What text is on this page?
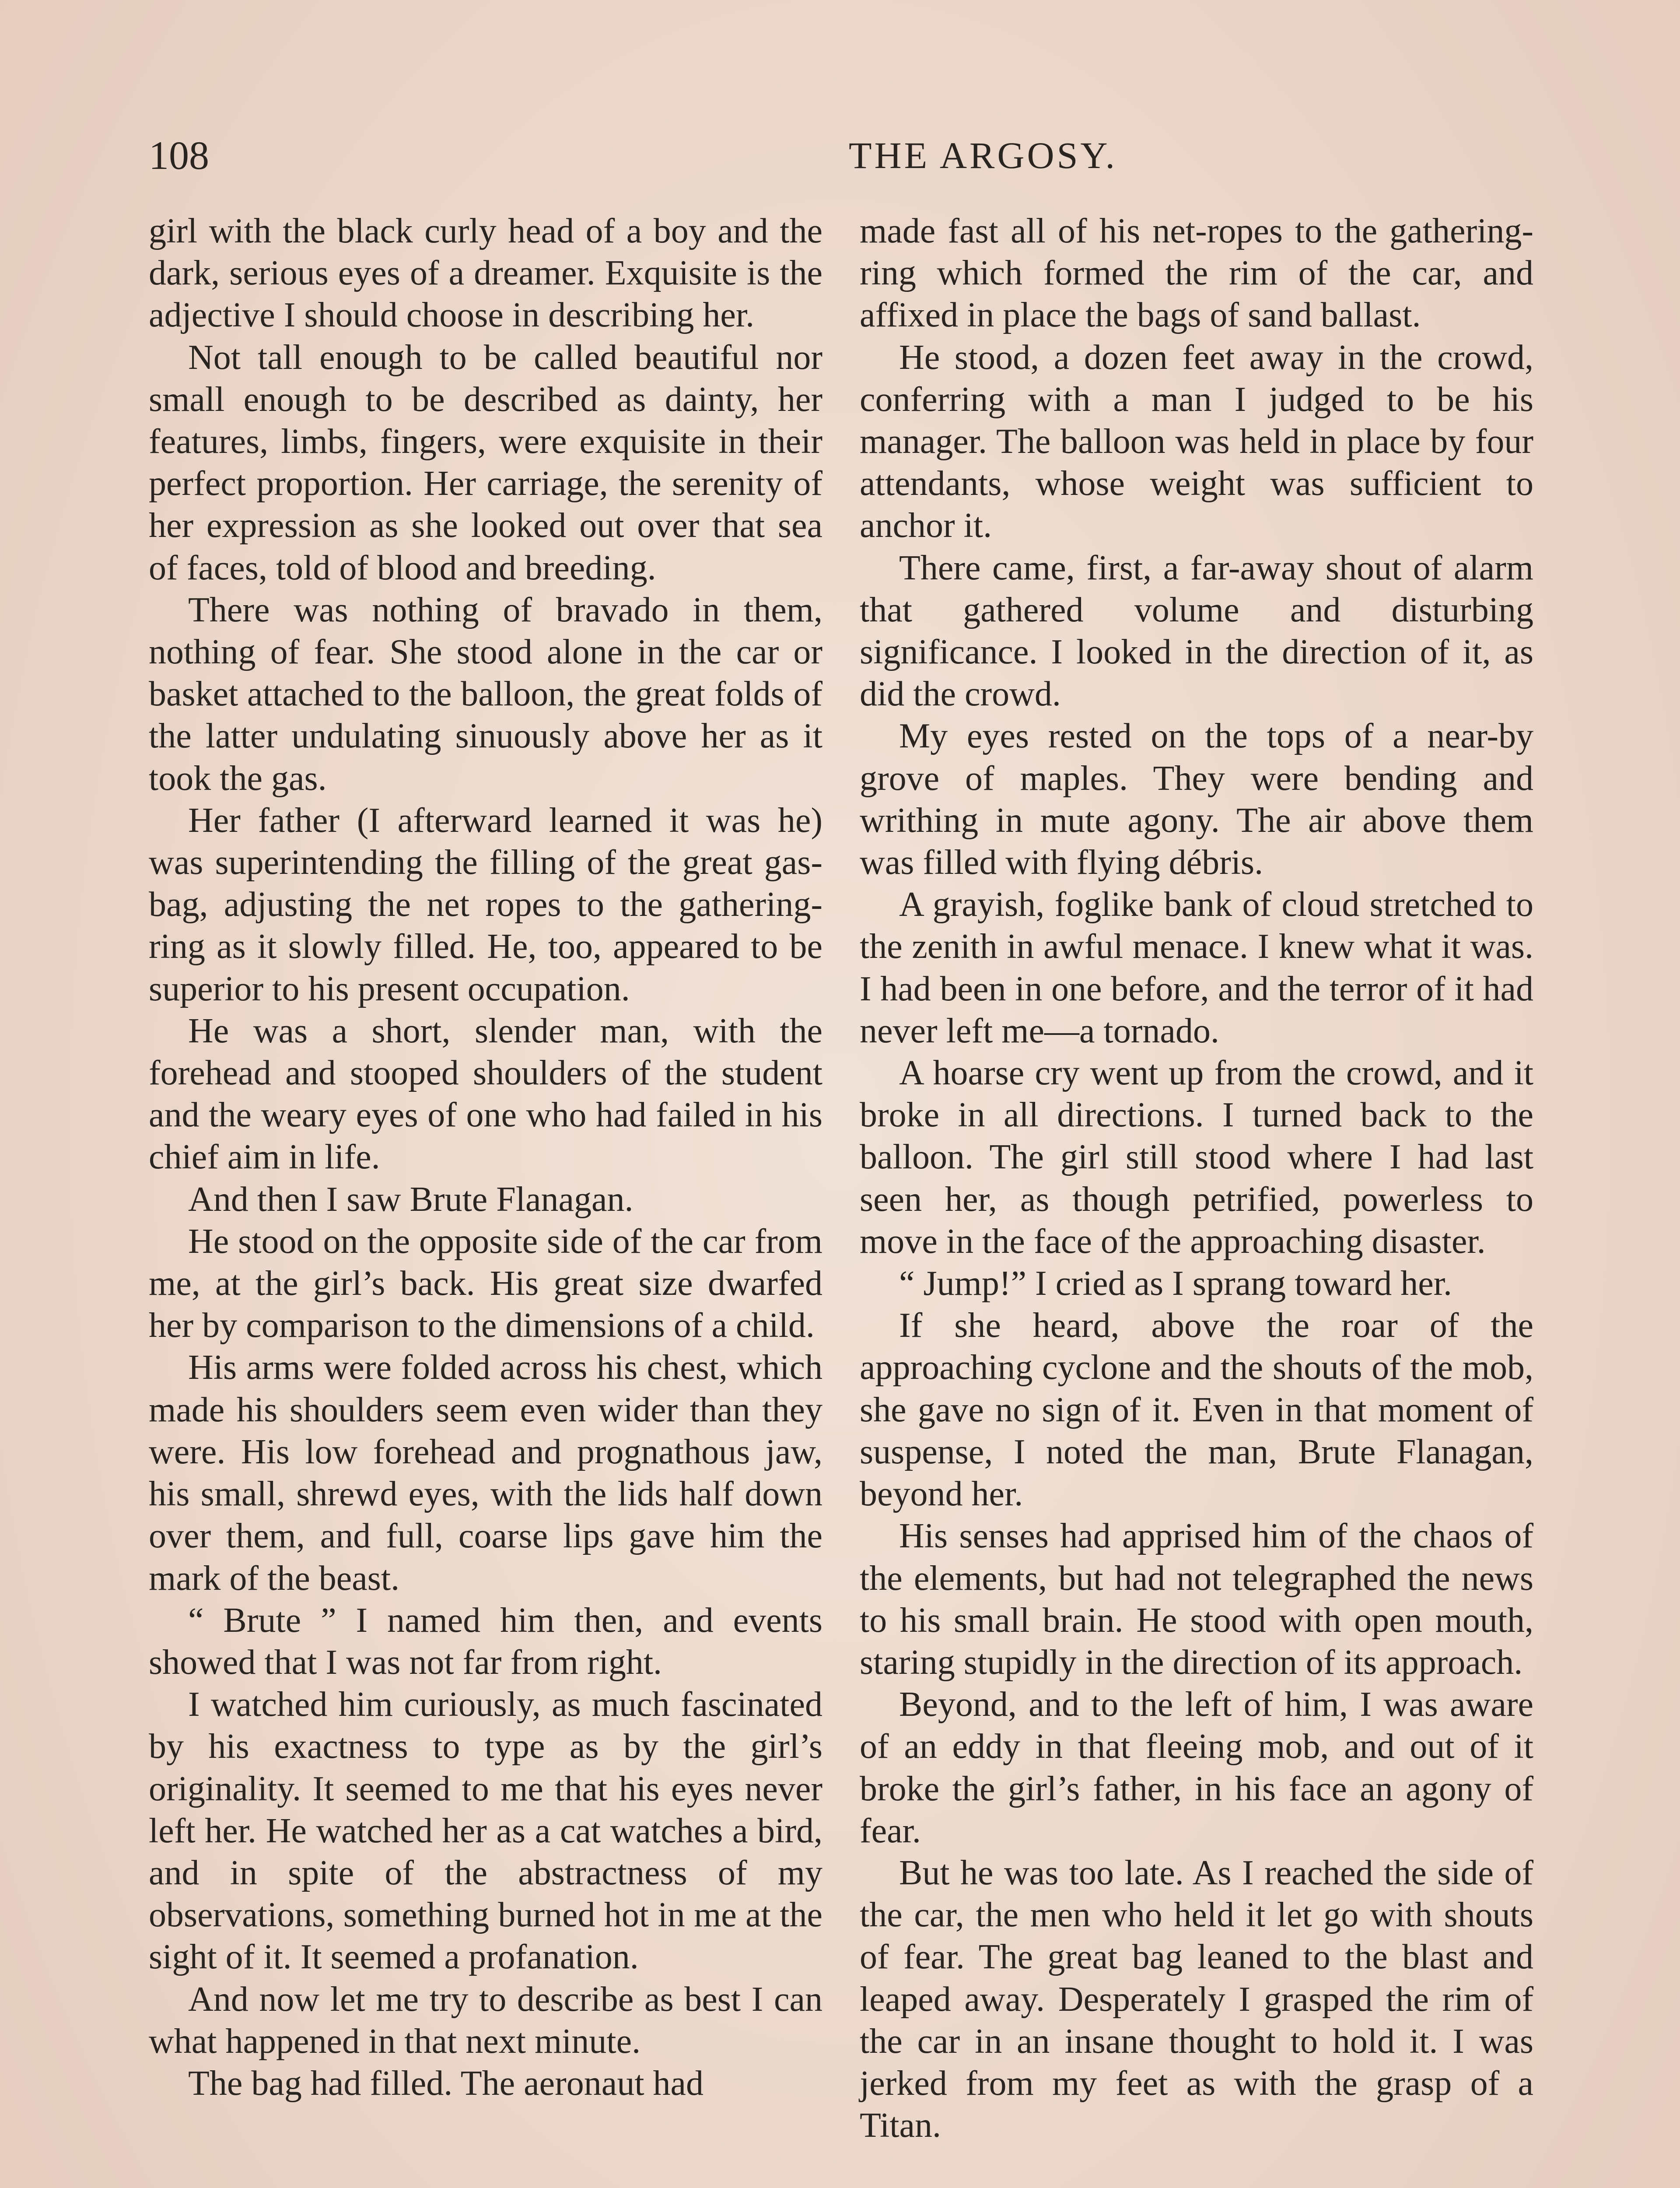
108	THE ARGOSY.

girl with the black curly head of a boy and the dark, serious eyes of a dreamer. Exquisite is the adjective I should choose in describing her.

Not tall enough to be called beautiful nor small enough to be described as dainty, her features, limbs, fingers, were exquisite in their perfect proportion. Her carriage, the serenity of her expression as she looked out over that sea of faces, told of blood and breeding.

There was nothing of bravado in them, nothing of fear. She stood alone in the car or basket attached to the balloon, the great folds of the latter undulating sinuously above her as it took the gas.

Her father (I afterward learned it was he) was superintending the filling of the great gas-bag, adjusting the net ropes to the gathering-ring as it slowly filled. He, too, appeared to be superior to his present occupation.

He was a short, slender man, with the forehead and stooped shoulders of the student and the weary eyes of one who had failed in his chief aim in life.

And then I saw Brute Flanagan.

He stood on the opposite side of the car from me, at the girl’s back. His great size dwarfed her by comparison to the dimensions of a child.

His arms were folded across his chest, which made his shoulders seem even wider than they were. His low forehead and prognathous jaw, his small, shrewd eyes, with the lids half down over them, and full, coarse lips gave him the mark of the beast.

“ Brute ” I named him then, and events showed that I was not far from right.

I watched him curiously, as much fascinated by his exactness to type as by the girl’s originality. It seemed to me that his eyes never left her. He watched her as a cat watches a bird, and in spite of the abstractness of my observations, something burned hot in me at the sight of it. It seemed a profanation.

And now let me try to describe as best I can what happened in that next minute.

The bag had filled. The aeronaut had

made fast all of his net-ropes to the gathering-ring which formed the rim of the car, and affixed in place the bags of sand ballast.

He stood, a dozen feet away in the crowd, conferring with a man I judged to be his manager. The balloon was held in place by four attendants, whose weight was sufficient to anchor it.

There came, first, a far-away shout of alarm that gathered volume and disturbing significance. I looked in the direction of it, as did the crowd.

My eyes rested on the tops of a near-by grove of maples. They were bending and writhing in mute agony. The air above them was filled with flying débris.

A grayish, foglike bank of cloud stretched to the zenith in awful menace. I knew what it was. I had been in one before, and the terror of it had never left me—a tornado.

A hoarse cry went up from the crowd, and it broke in all directions. I turned back to the balloon. The girl still stood where I had last seen her, as though petrified, powerless to move in the face of the approaching disaster.

“ Jump!” I cried as I sprang toward her.

If she heard, above the roar of the approaching cyclone and the shouts of the mob, she gave no sign of it. Even in that moment of suspense, I noted the man, Brute Flanagan, beyond her.

His senses had apprised him of the chaos of the elements, but had not telegraphed the news to his small brain. He stood with open mouth, staring stupidly in the direction of its approach.

Beyond, and to the left of him, I was aware of an eddy in that fleeing mob, and out of it broke the girl’s father, in his face an agony of fear.

But he was too late. As I reached the side of the car, the men who held it let go with shouts of fear. The great bag leaned to the blast and leaped away. Desperately I grasped the rim of the car in an insane thought to hold it. I was jerked from my feet as with the grasp of a Titan.
